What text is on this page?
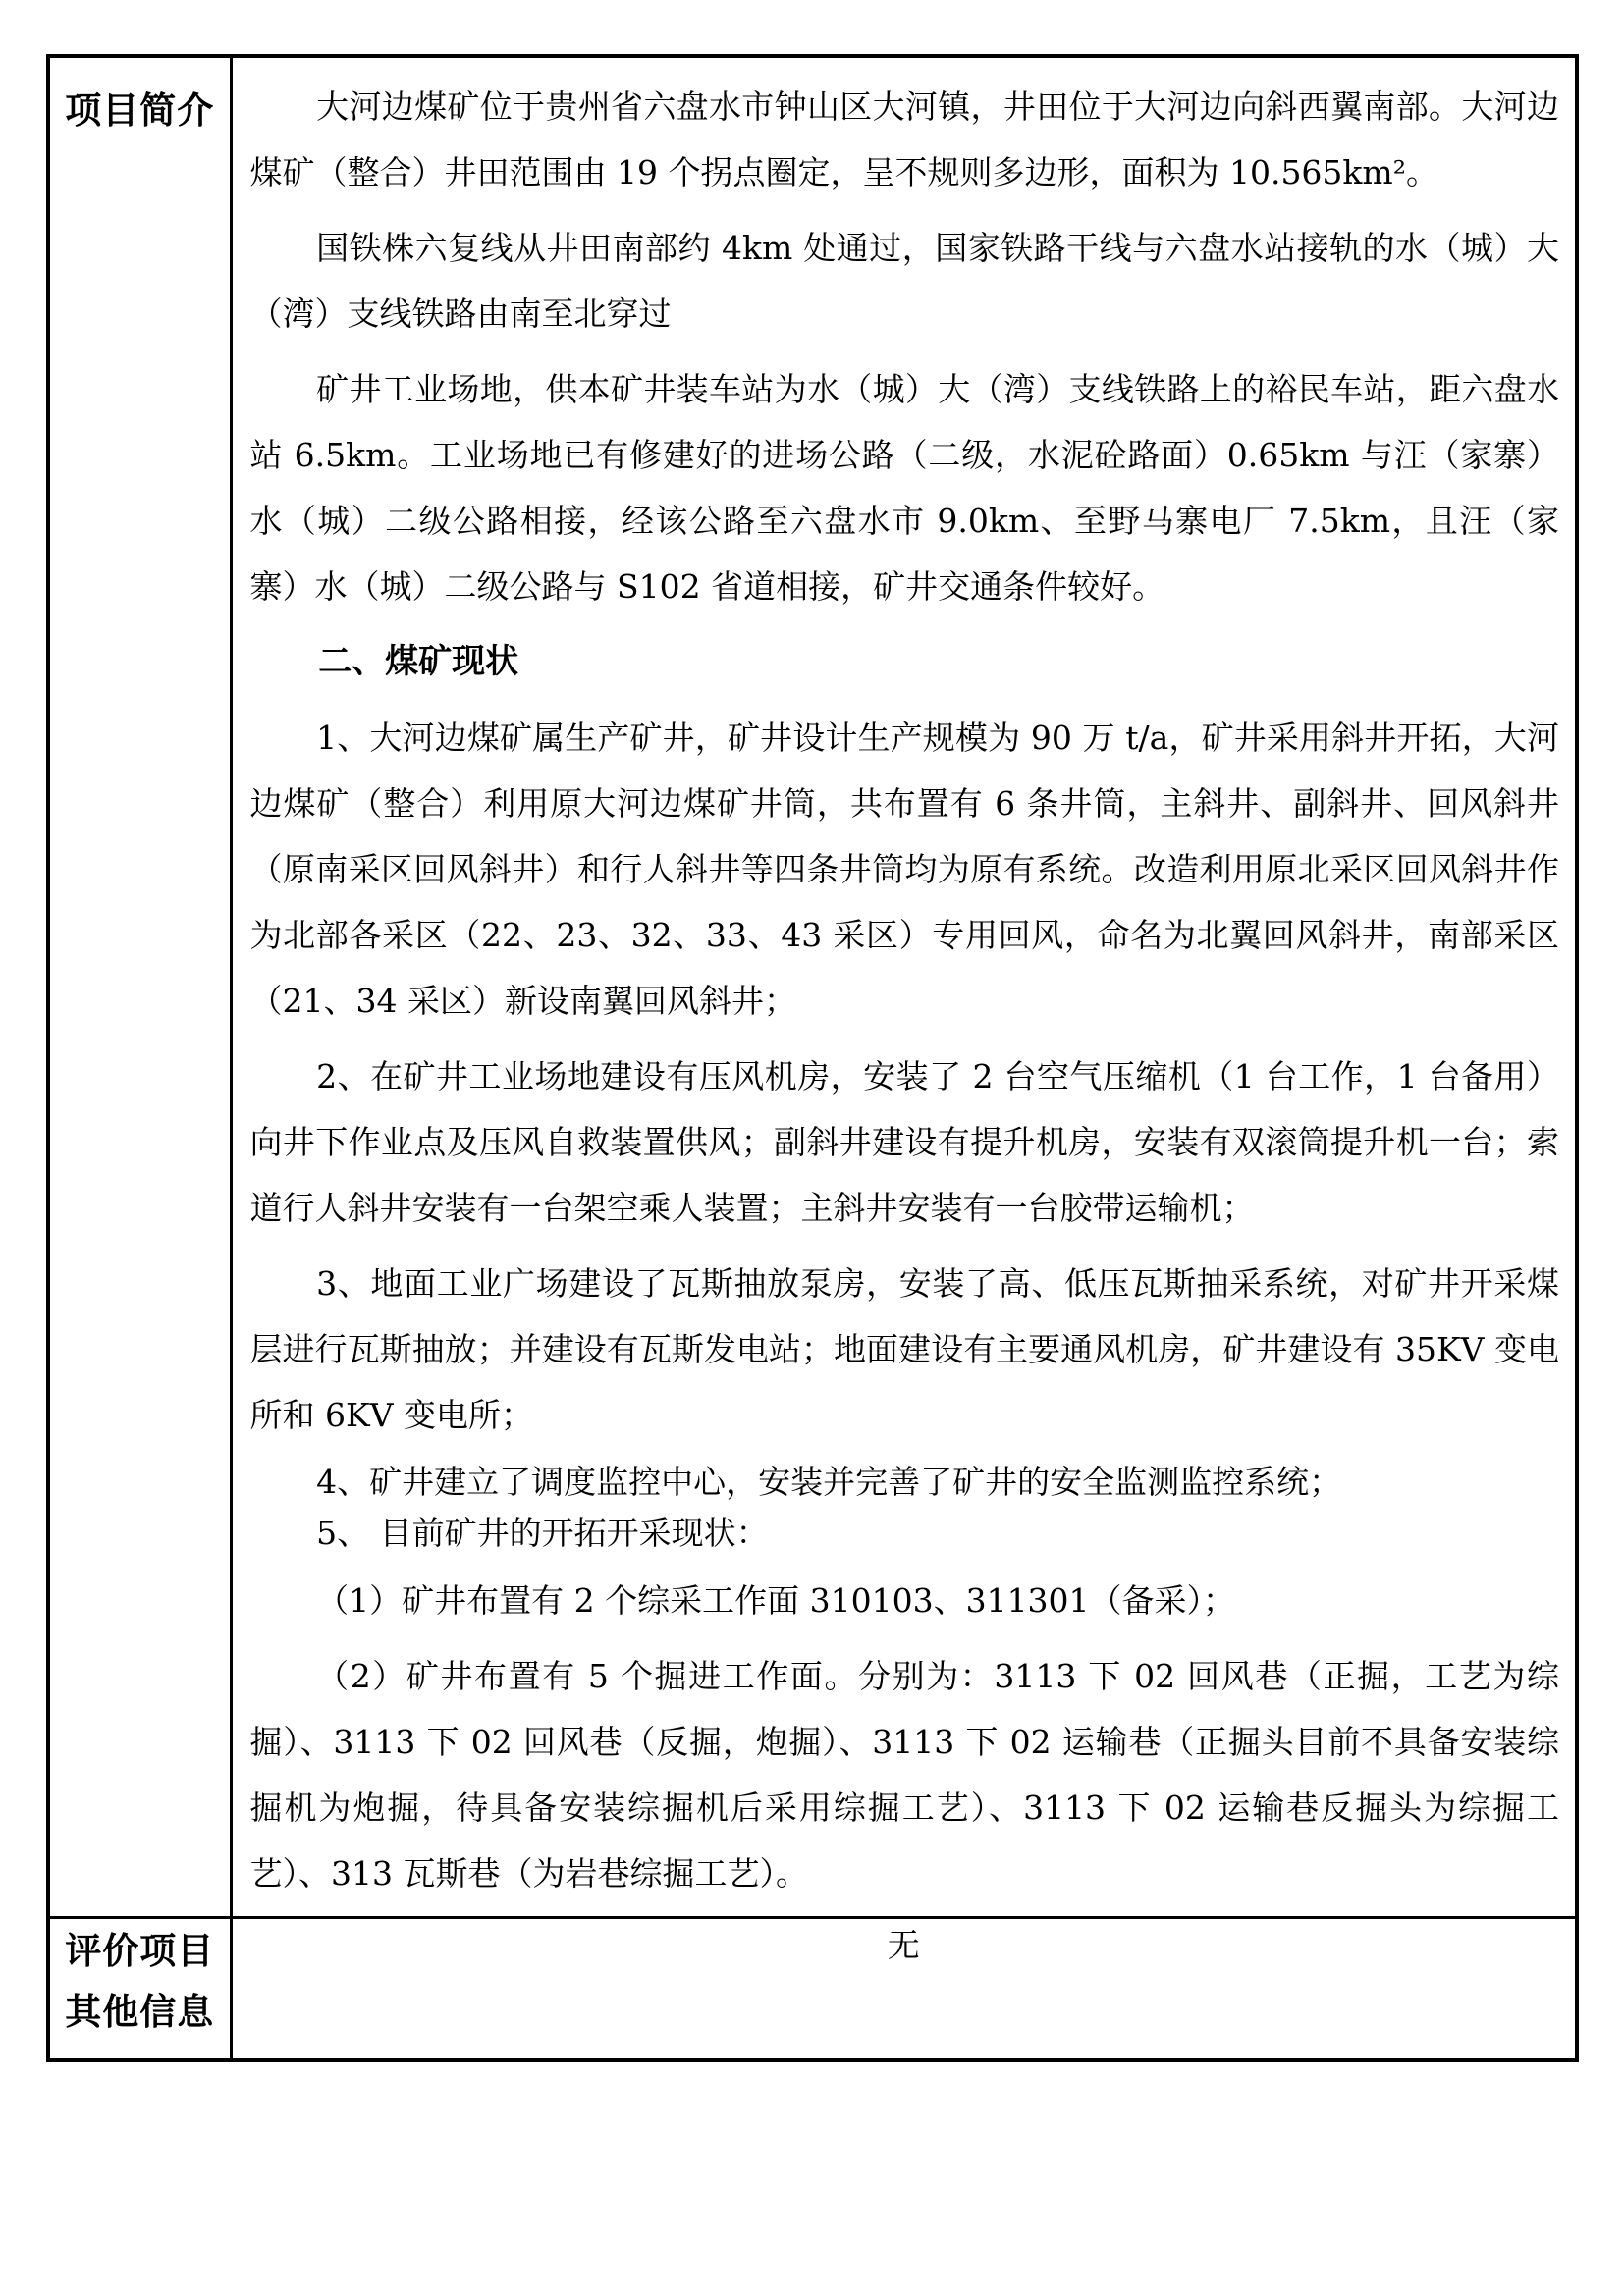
项目简介	大河边煤矿位于贵州省六盘水市钟山区大河镇，井田位于大河边向斜西翼南部。大河边煤矿（整合）井田范围由 19 个拐点圈定，呈不规则多边形，面积为 10.565km²。

国铁株六复线从井田南部约 4km 处通过，国家铁路干线与六盘水站接轨的水（城）大（湾）支线铁路由南至北穿过

矿井工业场地，供本矿井装车站为水（城）大（湾）支线铁路上的裕民车站，距六盘水站 6.5km。工业场地已有修建好的进场公路（二级，水泥砼路面）0.65km 与汪（家寨）水（城）二级公路相接，经该公路至六盘水市 9.0km、至野马寨电厂 7.5km，且汪（家寨）水（城）二级公路与 S102 省道相接，矿井交通条件较好。

二、煤矿现状

1、大河边煤矿属生产矿井，矿井设计生产规模为 90 万 t/a，矿井采用斜井开拓，大河边煤矿（整合）利用原大河边煤矿井筒，共布置有 6 条井筒，主斜井、副斜井、回风斜井（原南采区回风斜井）和行人斜井等四条井筒均为原有系统。改造利用原北采区回风斜井作为北部各采区（22、23、32、33、43 采区）专用回风，命名为北翼回风斜井，南部采区（21、34 采区）新设南翼回风斜井；

2、在矿井工业场地建设有压风机房，安装了 2 台空气压缩机（1 台工作，1 台备用）向井下作业点及压风自救装置供风；副斜井建设有提升机房，安装有双滚筒提升机一台；索道行人斜井安装有一台架空乘人装置；主斜井安装有一台胶带运输机；

3、地面工业广场建设了瓦斯抽放泵房，安装了高、低压瓦斯抽采系统，对矿井开采煤层进行瓦斯抽放；并建设有瓦斯发电站；地面建设有主要通风机房，矿井建设有 35KV 变电所和 6KV 变电所；

4、矿井建立了调度监控中心，安装并完善了矿井的安全监测监控系统；

5、 目前矿井的开拓开采现状：

（1）矿井布置有 2 个综采工作面 310103、311301（备采）；

（2）矿井布置有 5 个掘进工作面。分别为：3113 下 02 回风巷（正掘，工艺为综掘）、3113 下 02 回风巷（反掘，炮掘）、3113 下 02 运输巷（正掘头目前不具备安装综掘机为炮掘，待具备安装综掘机后采用综掘工艺）、3113 下 02 运输巷反掘头为综掘工艺）、313 瓦斯巷（为岩巷综掘工艺）。

评价项目
其他信息	无
